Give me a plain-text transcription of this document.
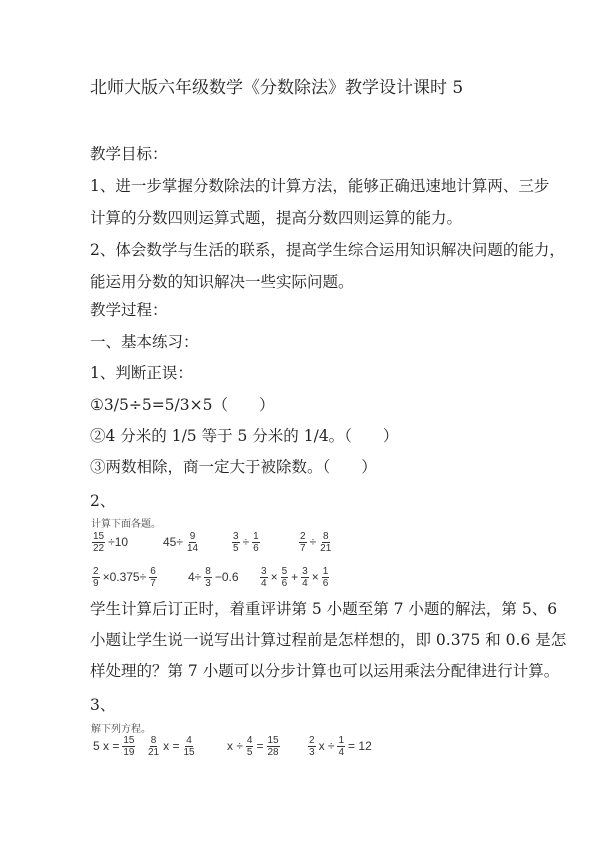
北师大版六年级数学《分数除法》教学设计课时 5
教学目标：
1、进一步掌握分数除法的计算方法，能够正确迅速地计算两、三步
计算的分数四则运算式题，提高分数四则运算的能力。
2、体会数学与生活的联系，提高学生综合运用知识解决问题的能力，
能运用分数的知识解决一些实际问题。
教学过程：
一、基本练习：
1、判断正误：
①3/5÷5=5/3×5（　　）
②4 分米的 1/5 等于 5 分米的 1/4。（　　）
③两数相除，商一定大于被除数。（　　）
2、
计算下面各题。
$\frac{15}{22} \div 10$	$45\div \frac{9}{14}$	$\frac{3}{5} \div \frac{1}{6}$	$\frac{2}{7} \div \frac{8}{21}$
$\frac{2}{9} \times 0.375\div \frac{6}{7}$	$4\div \frac{8}{3} -0.6 \frac{3}{4} \times \frac{5}{6} + \frac{3}{4} \times \frac{1}{6}$
学生计算后订正时，着重评讲第 5 小题至第 7 小题的解法，第 5、6
小题让学生说一说写出计算过程前是怎样想的，即 0.375 和 0.6 是怎
样处理的？第 7 小题可以分步计算也可以运用乘法分配律进行计算。
3、
解下列方程。
5 $x = \frac{15}{19} \frac{8}{21}$ $x = \frac{4}{15}$	$x \div \frac{4}{5} = \frac{15}{28}$	$\frac{2}{3}$ $x \div \frac{1}{4} = 12$
